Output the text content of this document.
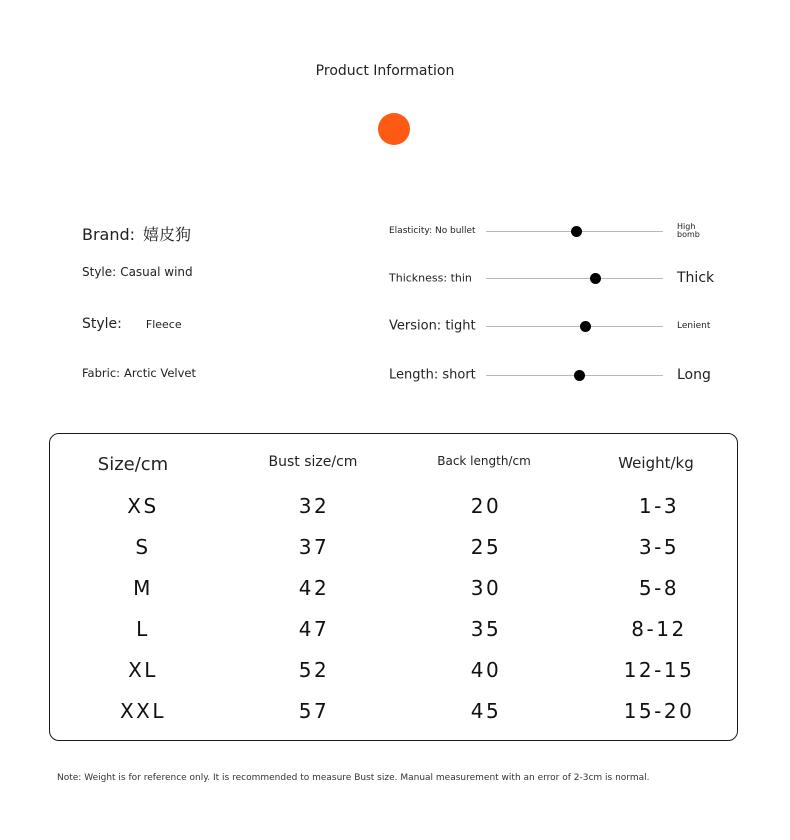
Product Information
Brand: 嬉皮狗
Style: Casual wind
Style: Fleece
Fabric: Arctic Velvet
Elasticity: No bullet	High bomb
Thickness: thin	Thick
Version: tight	Lenient
Length: short	Long
Size/cm	Bust size/cm	Back length/cm	Weight/kg
XS	32	20	1-3
S	37	25	3-5
M	42	30	5-8
L	47	35	8-12
XL	52	40	12-15
XXL	57	45	15-20
Note: Weight is for reference only. It is recommended to measure Bust size. Manual measurement with an error of 2-3cm is normal.
